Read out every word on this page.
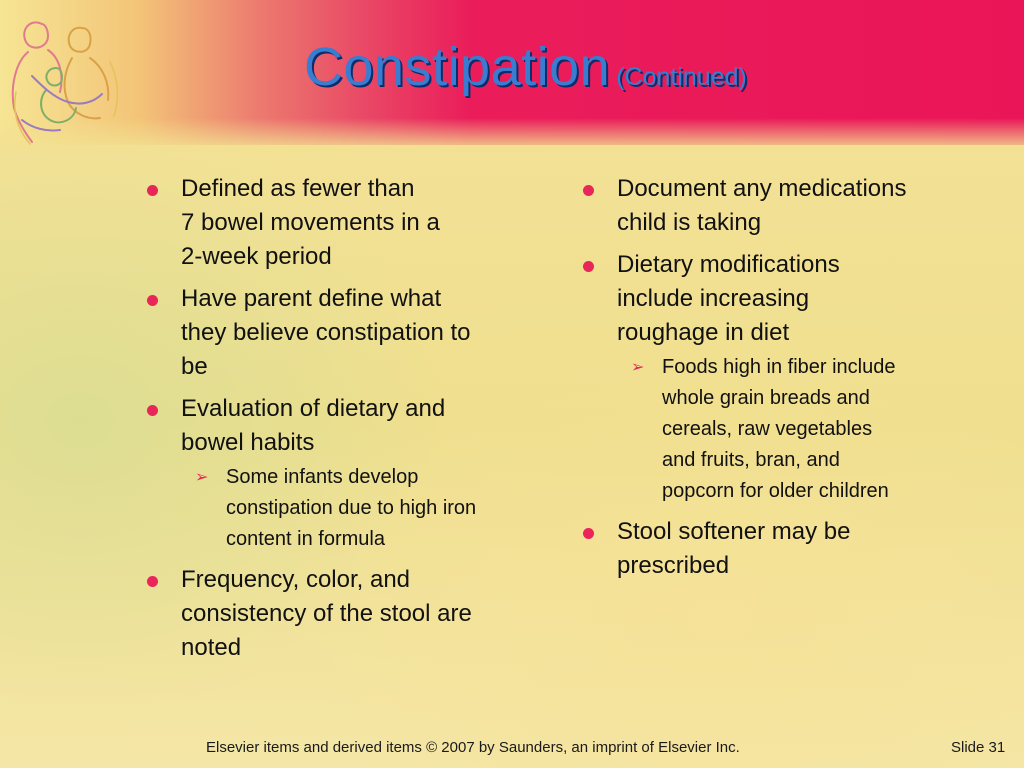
Constipation (Continued)
Defined as fewer than
7 bowel movements in a
2-week period
Have parent define what
they believe constipation to
be
Evaluation of dietary and
bowel habits
➢ Some infants develop
constipation due to high iron
content in formula
Frequency, color, and
consistency of the stool are
noted
Document any medications
child is taking
Dietary modifications
include increasing
roughage in diet
➢ Foods high in fiber include
whole grain breads and
cereals, raw vegetables
and fruits, bran, and
popcorn for older children
Stool softener may be
prescribed
Elsevier items and derived items © 2007 by Saunders, an imprint of Elsevier Inc.	Slide 31
